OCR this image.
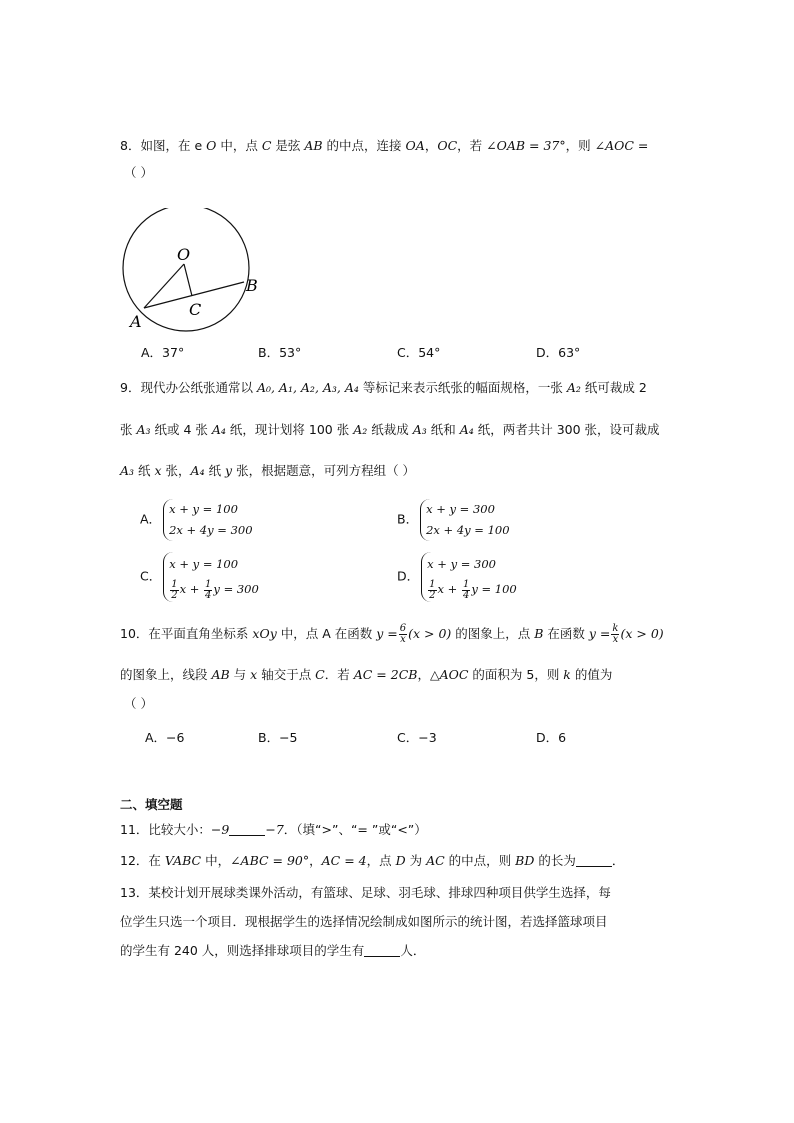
8．如图，在 e O 中，点 C 是弦 AB 的中点，连接 OA，OC，若 ∠OAB = 37°，则 ∠AOC =
（ ）
O
A
B
C
A．37°	B．53°	C．54°	D．63°
9．现代办公纸张通常以 A₀, A₁, A₂, A₃, A₄ 等标记来表示纸张的幅面规格，一张 A₂ 纸可裁成 2
张 A₃ 纸或 4 张 A₄ 纸，现计划将 100 张 A₂ 纸裁成 A₃ 纸和 A₄ 纸，两者共计 300 张，设可裁成
A₃ 纸 x 张，A₄ 纸 y 张，根据题意，可列方程组（ ）
A．x + y = 100
2x + 4y = 300
B．x + y = 300
2x + 4y = 100
C．x + y = 100

$\frac{1}{2}$ $x + \frac{1}{4}$ y = 300
D．x + y = 300

$\frac{1}{2}$ $x + \frac{1}{4}$ y = 100
10．在平面直角坐标系 xOy 中，点 A 在函数 $y = \frac{6}{x} (x > 0)$ 的图象上，点 B 在函数 $y = \frac{k}{x} (x > 0)$
的图象上，线段 AB 与 x 轴交于点 C．若 AC = 2CB，△AOC 的面积为 5，则 k 的值为
（ ）
A．−6	B．−5	C．−3	D．6
二、填空题
11．比较大小：−9	−7．（填“>”、“= ”或“<”）
12．在 VABC 中，∠ABC = 90°，AC = 4，点 D 为 AC 的中点，则 BD 的长为	．
13．某校计划开展球类课外活动，有篮球、足球、羽毛球、排球四种项目供学生选择，每
位学生只选一个项目．现根据学生的选择情况绘制成如图所示的统计图，若选择篮球项目
的学生有 240 人，则选择排球项目的学生有	人．
